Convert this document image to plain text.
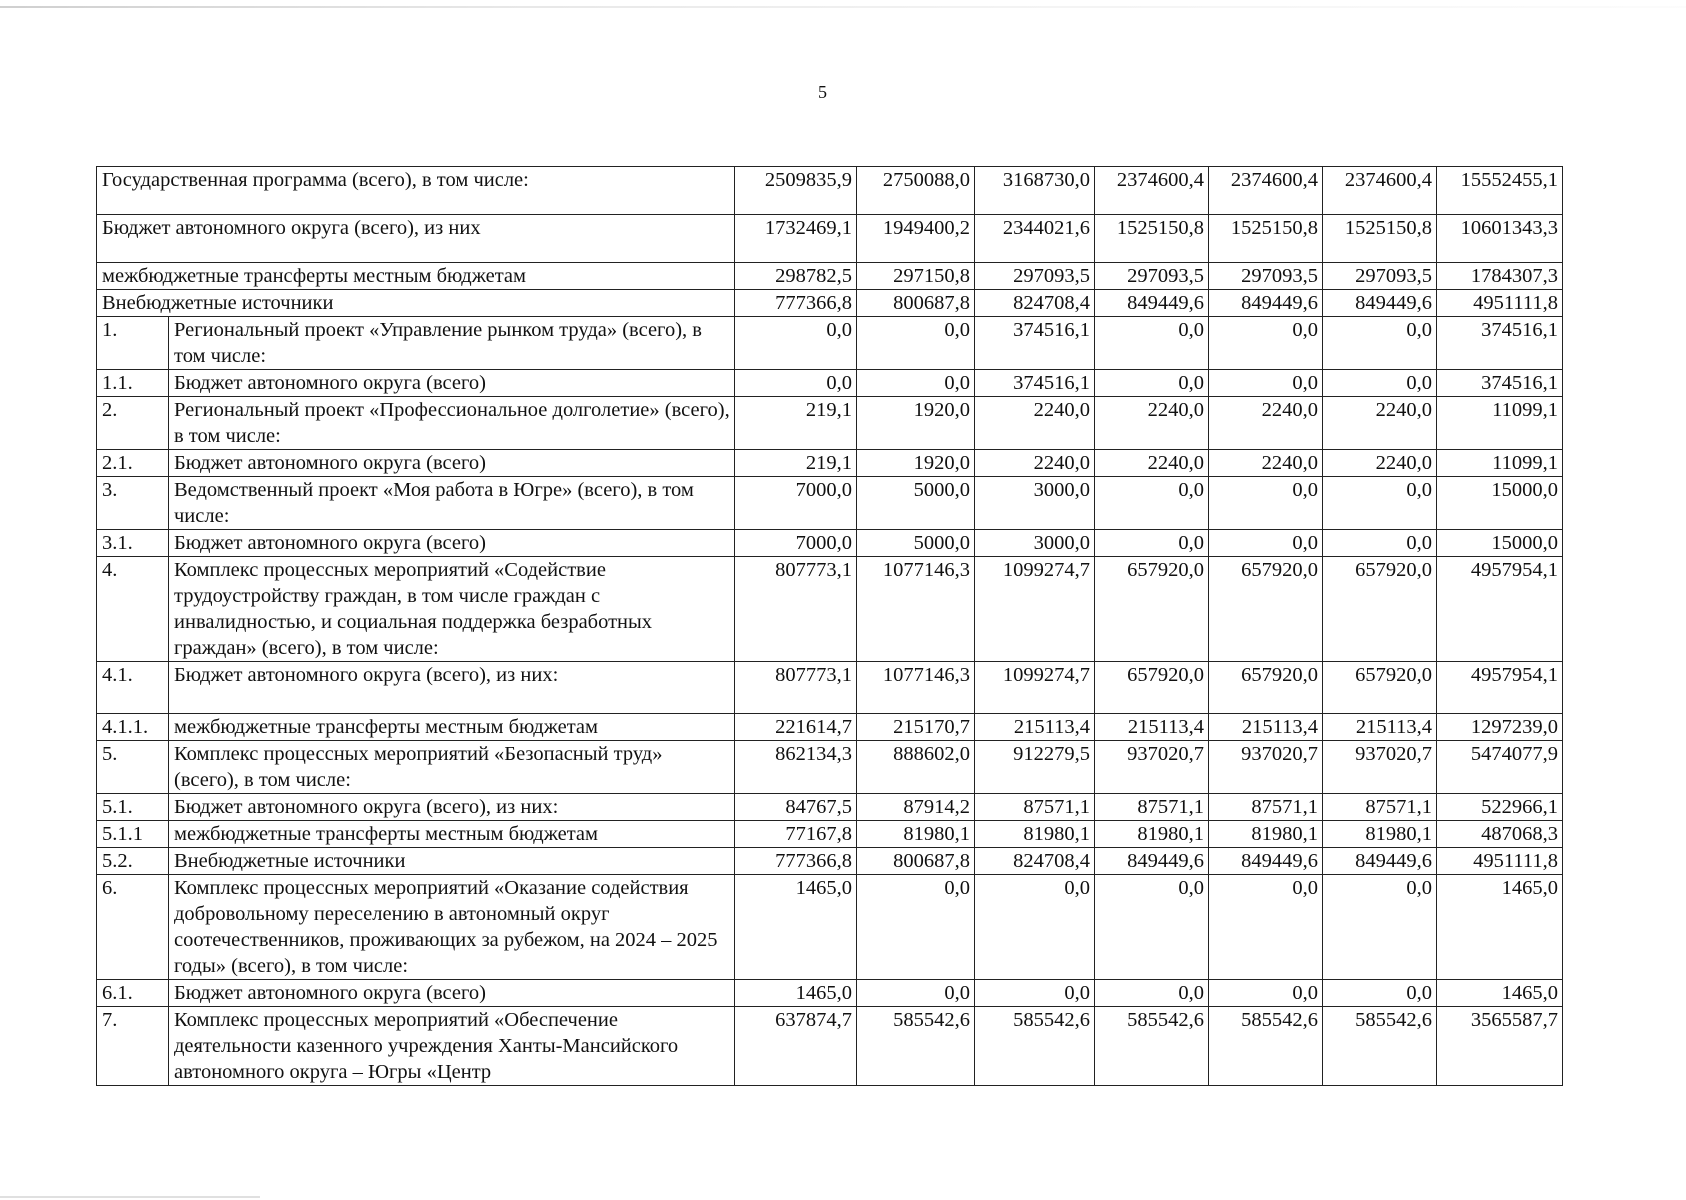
5
Государственная программа (всего), в том числе:		2509835,9	2750088,0	3168730,0	2374600,4	2374600,4	2374600,4	15552455,1
Бюджет автономного округа (всего), из них		1732469,1	1949400,2	2344021,6	1525150,8	1525150,8	1525150,8	10601343,3
межбюджетные трансферты местным бюджетам		298782,5	297150,8	297093,5	297093,5	297093,5	297093,5	1784307,3
Внебюджетные источники		777366,8	800687,8	824708,4	849449,6	849449,6	849449,6	4951111,8
1.	Региональный проект «Управление рынком труда» (всего), в том числе:	0,0	0,0	374516,1	0,0	0,0	0,0	374516,1
1.1.	Бюджет автономного округа (всего)	0,0	0,0	374516,1	0,0	0,0	0,0	374516,1
2.	Региональный проект «Профессиональное долголетие» (всего), в том числе:	219,1	1920,0	2240,0	2240,0	2240,0	2240,0	11099,1
2.1.	Бюджет автономного округа (всего)	219,1	1920,0	2240,0	2240,0	2240,0	2240,0	11099,1
3.	Ведомственный проект «Моя работа в Югре» (всего), в том числе:	7000,0	5000,0	3000,0	0,0	0,0	0,0	15000,0
3.1.	Бюджет автономного округа (всего)	7000,0	5000,0	3000,0	0,0	0,0	0,0	15000,0
4.	Комплекс процессных мероприятий «Содействие трудоустройству граждан, в том числе граждан с инвалидностью, и социальная поддержка безработных граждан» (всего), в том числе:	807773,1	1077146,3	1099274,7	657920,0	657920,0	657920,0	4957954,1
4.1.	Бюджет автономного округа (всего), из них:	807773,1	1077146,3	1099274,7	657920,0	657920,0	657920,0	4957954,1
4.1.1.	межбюджетные трансферты местным бюджетам	221614,7	215170,7	215113,4	215113,4	215113,4	215113,4	1297239,0
5.	Комплекс процессных мероприятий «Безопасный труд» (всего), в том числе:	862134,3	888602,0	912279,5	937020,7	937020,7	937020,7	5474077,9
5.1.	Бюджет автономного округа (всего), из них:	84767,5	87914,2	87571,1	87571,1	87571,1	87571,1	522966,1
5.1.1	межбюджетные трансферты местным бюджетам	77167,8	81980,1	81980,1	81980,1	81980,1	81980,1	487068,3
5.2.	Внебюджетные источники	777366,8	800687,8	824708,4	849449,6	849449,6	849449,6	4951111,8
6.	Комплекс процессных мероприятий «Оказание содействия добровольному переселению в автономный округ соотечественников, проживающих за рубежом, на 2024 – 2025 годы» (всего), в том числе:	1465,0	0,0	0,0	0,0	0,0	0,0	1465,0
6.1.	Бюджет автономного округа (всего)	1465,0	0,0	0,0	0,0	0,0	0,0	1465,0
7.	Комплекс процессных мероприятий «Обеспечение деятельности казенного учреждения Ханты-Мансийского автономного округа – Югры «Центр	637874,7	585542,6	585542,6	585542,6	585542,6	585542,6	3565587,7
